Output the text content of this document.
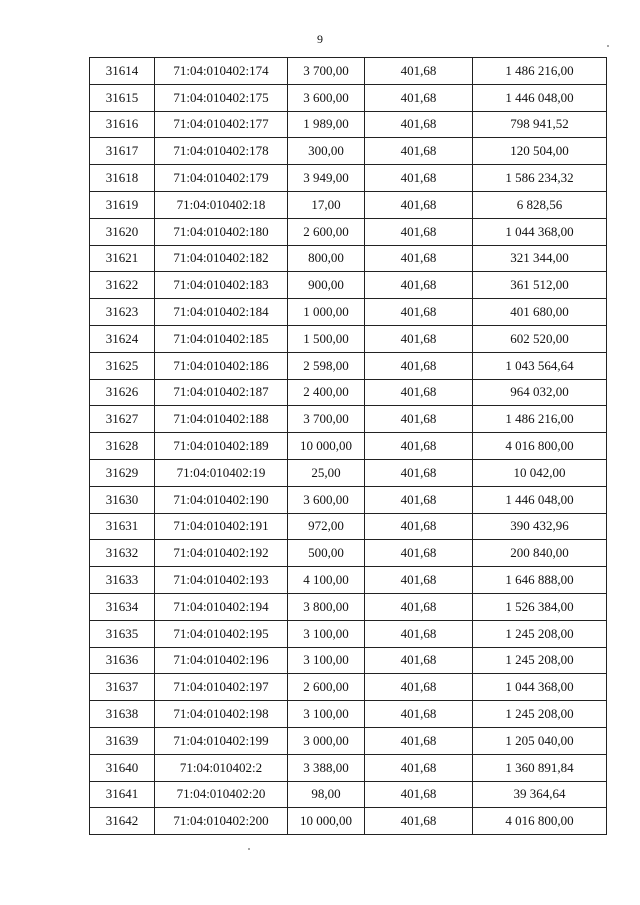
9
31614	71:04:010402:174	3 700,00	401,68	1 486 216,00
31615	71:04:010402:175	3 600,00	401,68	1 446 048,00
31616	71:04:010402:177	1 989,00	401,68	798 941,52
31617	71:04:010402:178	300,00	401,68	120 504,00
31618	71:04:010402:179	3 949,00	401,68	1 586 234,32
31619	71:04:010402:18	17,00	401,68	6 828,56
31620	71:04:010402:180	2 600,00	401,68	1 044 368,00
31621	71:04:010402:182	800,00	401,68	321 344,00
31622	71:04:010402:183	900,00	401,68	361 512,00
31623	71:04:010402:184	1 000,00	401,68	401 680,00
31624	71:04:010402:185	1 500,00	401,68	602 520,00
31625	71:04:010402:186	2 598,00	401,68	1 043 564,64
31626	71:04:010402:187	2 400,00	401,68	964 032,00
31627	71:04:010402:188	3 700,00	401,68	1 486 216,00
31628	71:04:010402:189	10 000,00	401,68	4 016 800,00
31629	71:04:010402:19	25,00	401,68	10 042,00
31630	71:04:010402:190	3 600,00	401,68	1 446 048,00
31631	71:04:010402:191	972,00	401,68	390 432,96
31632	71:04:010402:192	500,00	401,68	200 840,00
31633	71:04:010402:193	4 100,00	401,68	1 646 888,00
31634	71:04:010402:194	3 800,00	401,68	1 526 384,00
31635	71:04:010402:195	3 100,00	401,68	1 245 208,00
31636	71:04:010402:196	3 100,00	401,68	1 245 208,00
31637	71:04:010402:197	2 600,00	401,68	1 044 368,00
31638	71:04:010402:198	3 100,00	401,68	1 245 208,00
31639	71:04:010402:199	3 000,00	401,68	1 205 040,00
31640	71:04:010402:2	3 388,00	401,68	1 360 891,84
31641	71:04:010402:20	98,00	401,68	39 364,64
31642	71:04:010402:200	10 000,00	401,68	4 016 800,00
